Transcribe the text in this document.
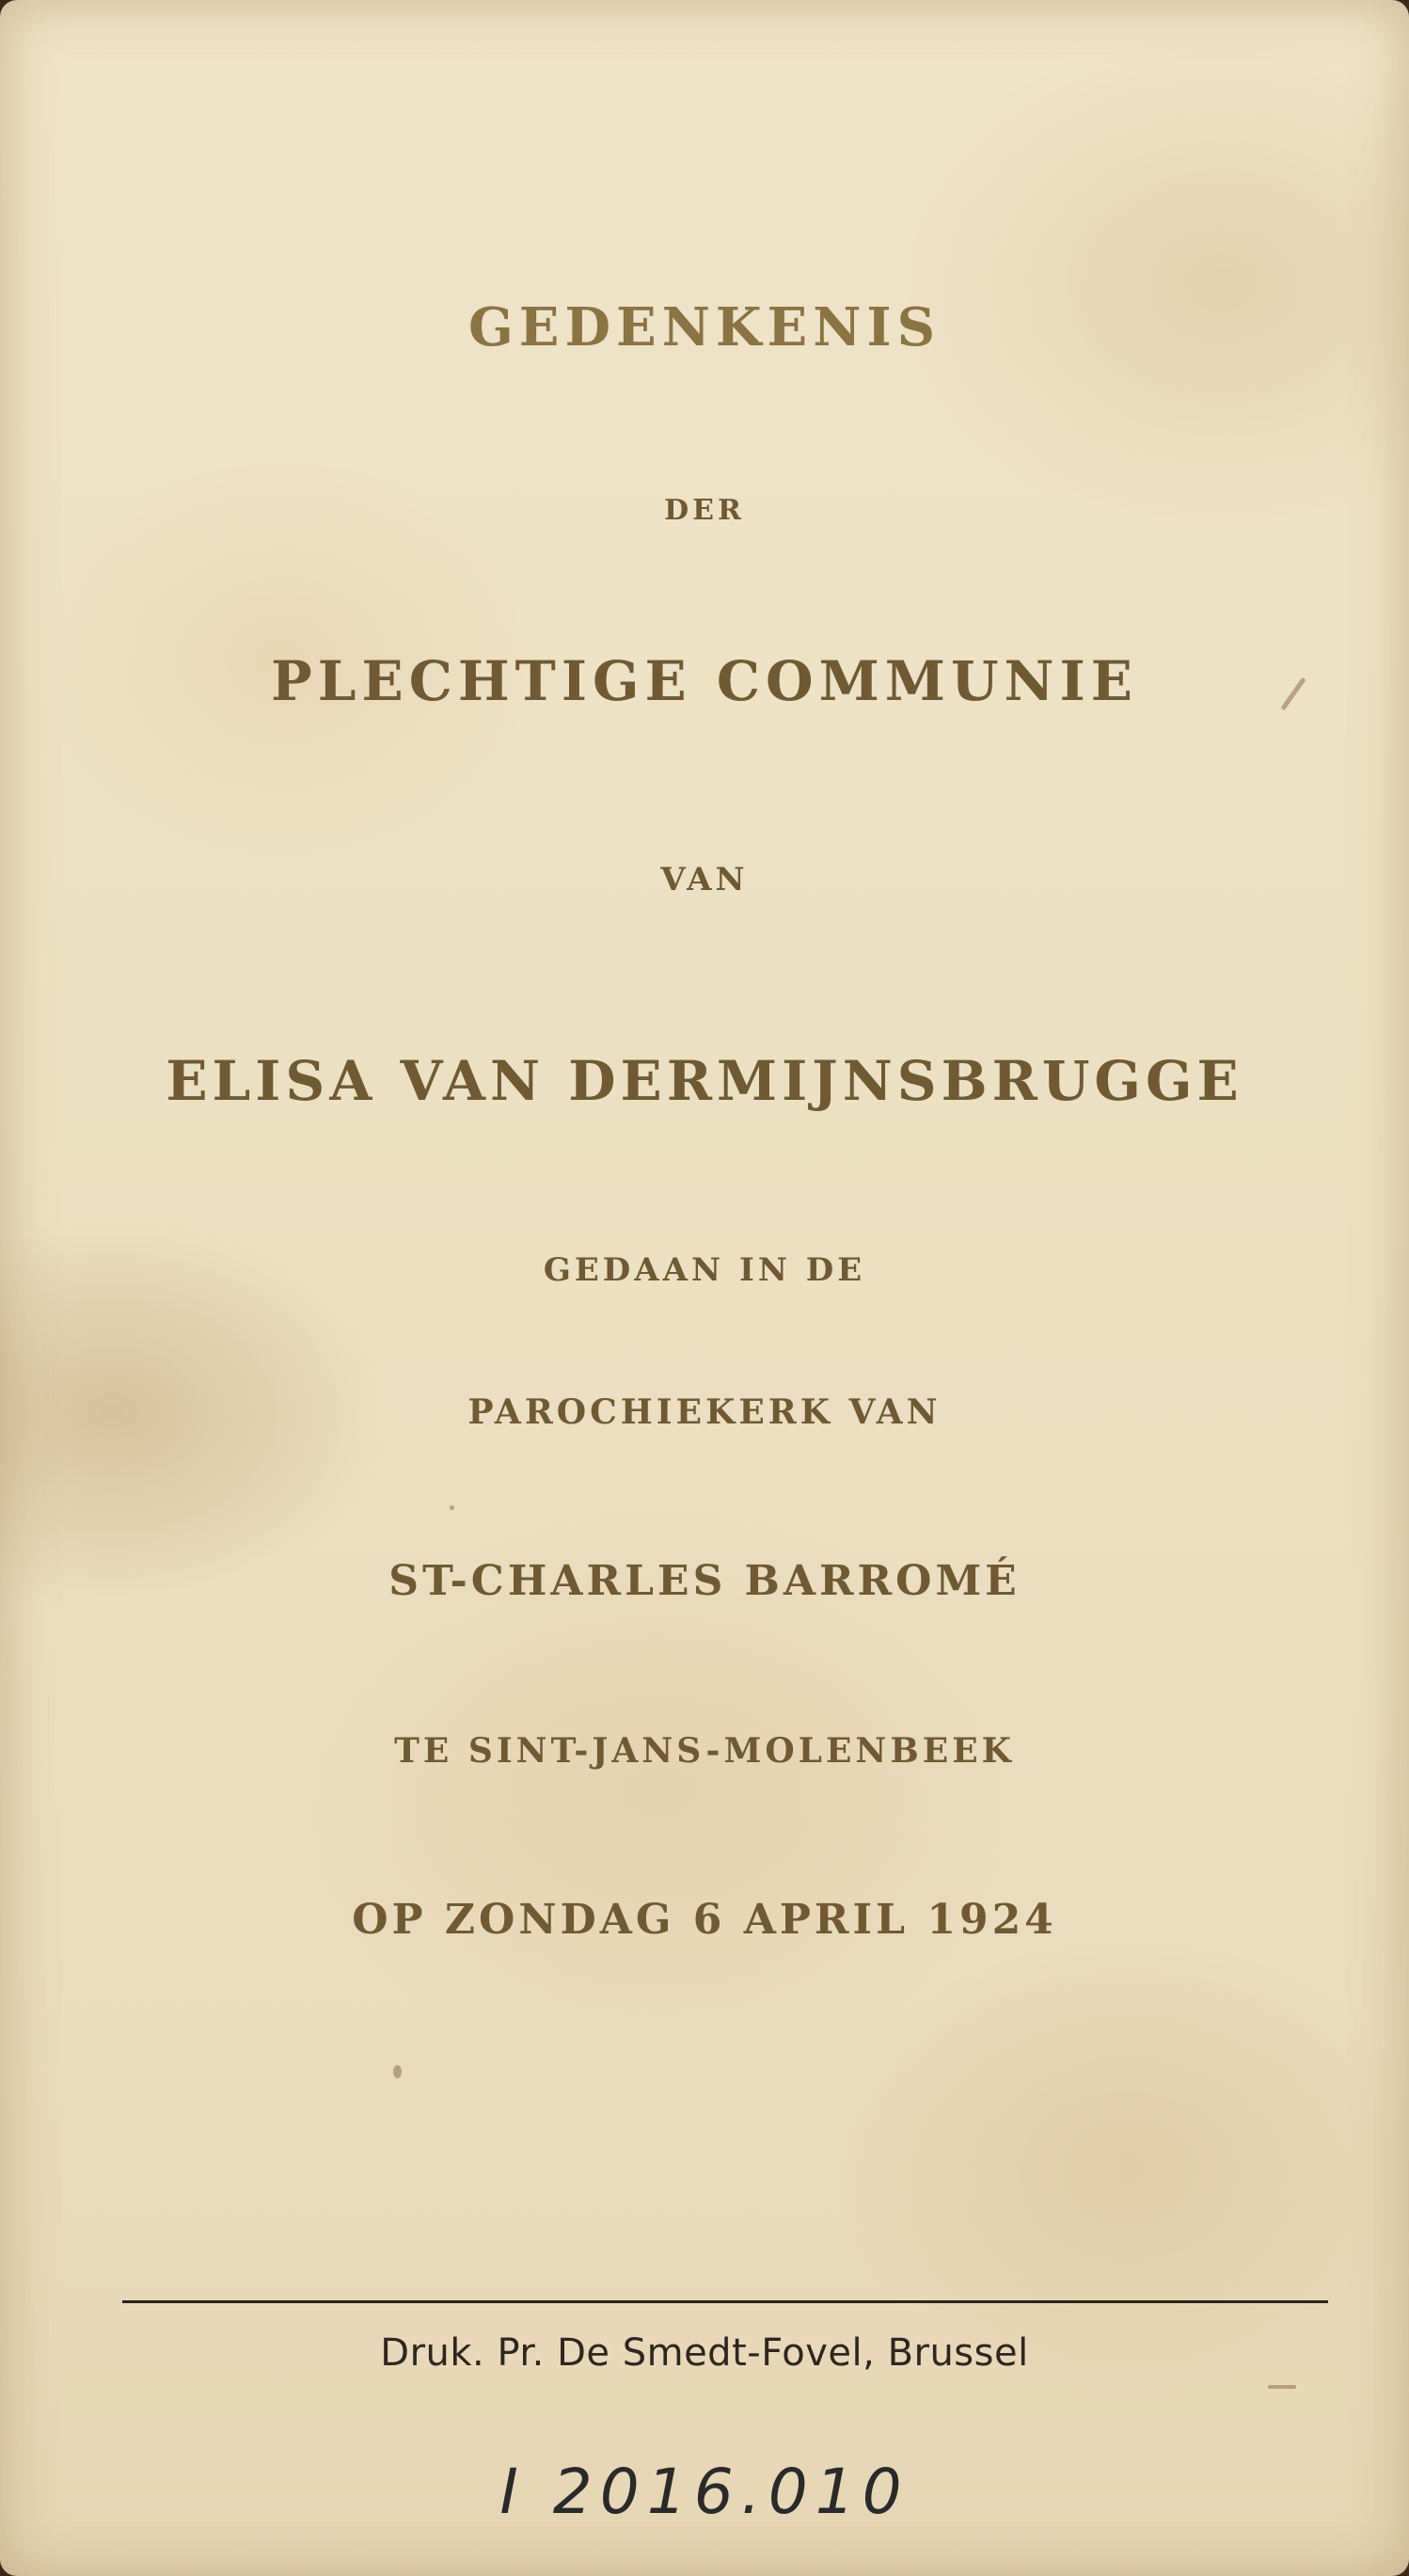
GEDENKENIS
DER
PLECHTIGE COMMUNIE
VAN
ELISA VAN DERMIJNSBRUGGE
GEDAAN IN DE
PAROCHIEKERK VAN
ST-CHARLES BARROMÉ
TE SINT-JANS-MOLENBEEK
OP ZONDAG 6 APRIL 1924
Druk. Pr. De Smedt-Fovel, Brussel
I 2016.010
